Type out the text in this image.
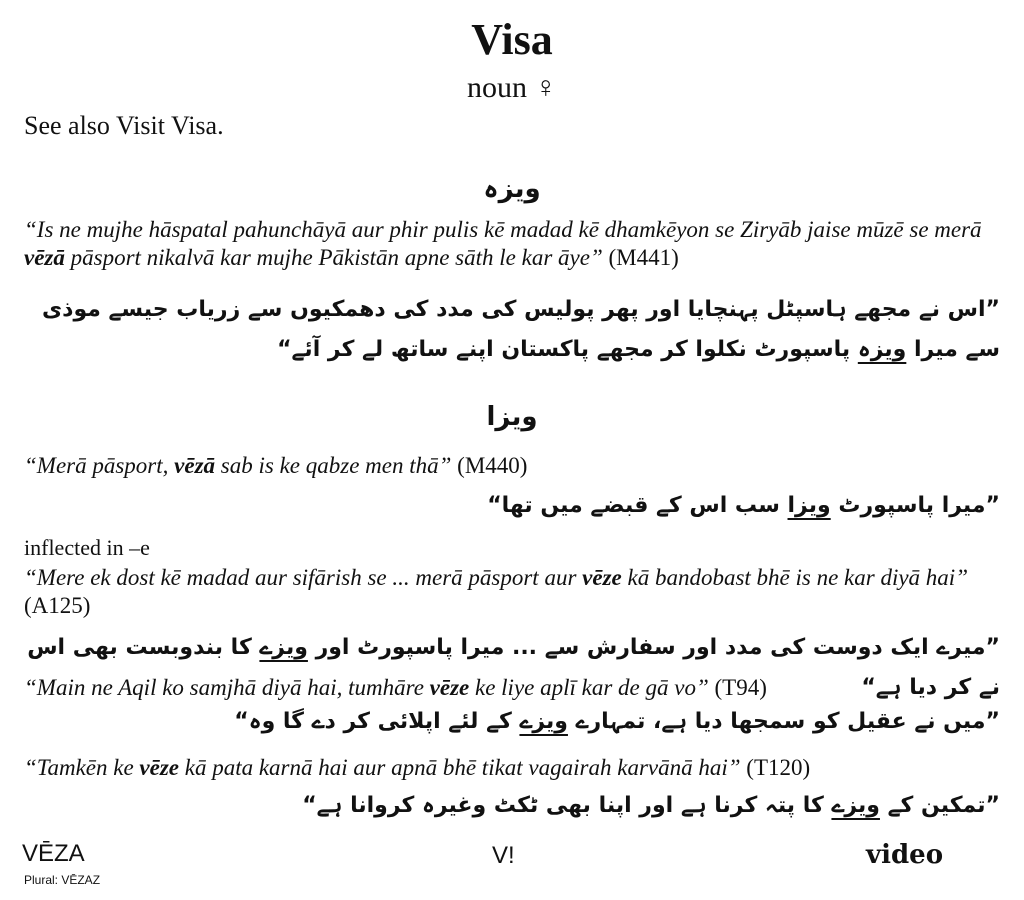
Visa
noun ♀
See also Visit Visa.
ویزہ
“Is ne mujhe hāspatal pahunchāyā aur phir pulis kē madad kē dhamkēyon se Ziryāb jaise mūzē se merā vēzā pāsport nikalvā kar mujhe Pākistān apne sāth le kar āye” (M441)
”اس نے مجھے ہاسپٹل پہنچایا اور پھر پولیس کی مدد کی دھمکیوں سے زریاب جیسے موذی سے میرا ویزہ پاسپورٹ نکلوا کر مجھے پاکستان اپنے ساتھ لے کر آئے“
ویزا
“Merā pāsport, vēzā sab is ke qabze men thā” (M440)
”میرا پاسپورٹ ویزا سب اس کے قبضے میں تھا“
inflected in –e
“Mere ek dost kē madad aur sifārish se ... merā pāsport aur vēze kā bandobast bhē is ne kar diyā hai” (A125)
”میرے ایک دوست کی مدد اور سفارش سے ... میرا پاسپورٹ اور ویزے کا بندوبست بھی اس نے کر دیا ہے“
“Main ne Aqil ko samjhā diyā hai, tumhāre vēze ke liye aplī kar de gā vo” (T94)
”میں نے عقیل کو سمجھا دیا ہے، تمہارے ویزے کے لئے اپلائی کر دے گا وہ“
“Tamkēn ke vēze kā pata karnā hai aur apnā bhē tikat vagairah karvānā hai” (T120)
”تمکین کے ویزے کا پتہ کرنا ہے اور اپنا بھی ٹکٹ وغیرہ کروانا ہے“
VĒZA
Plural: VĒZAZ
V!	video
